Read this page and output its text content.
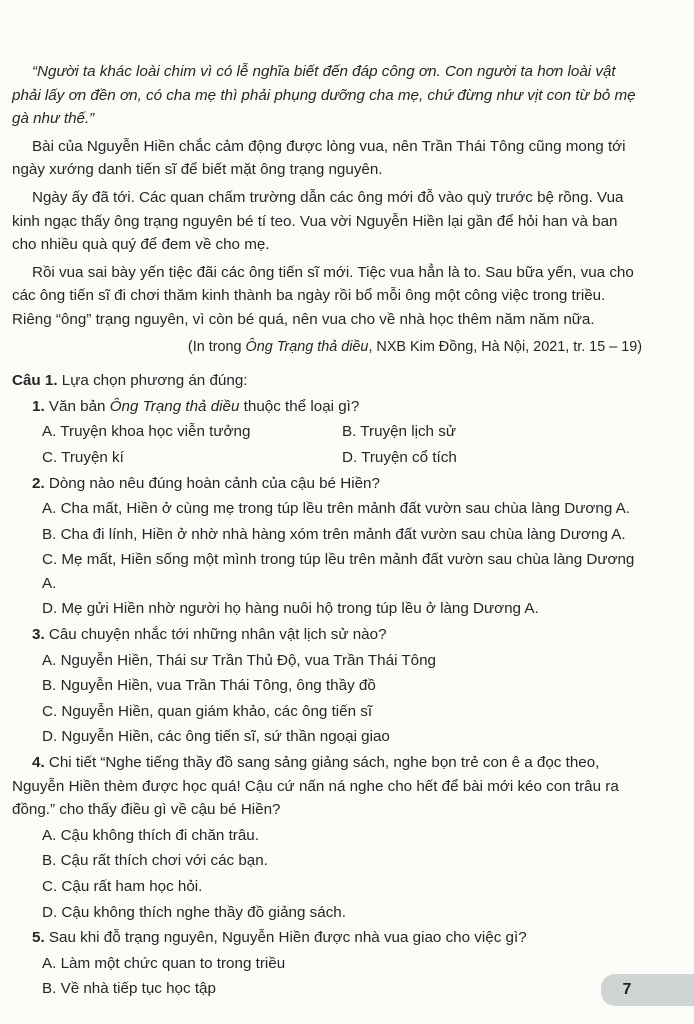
“Người ta khác loài chim vì có lễ nghĩa biết đến đáp công ơn. Con người ta hơn loài vật phải lấy ơn đền ơn, có cha mẹ thì phải phụng dưỡng cha mẹ, chứ đừng như vịt con từ bỏ mẹ gà như thế.”

Bài của Nguyễn Hiền chắc cảm động được lòng vua, nên Trần Thái Tông cũng mong tới ngày xướng danh tiến sĩ để biết mặt ông trạng nguyên.

Ngày ấy đã tới. Các quan chấm trường dẫn các ông mới đỗ vào quỳ trước bệ rồng. Vua kinh ngạc thấy ông trạng nguyên bé tí teo. Vua vời Nguyễn Hiền lại gần để hỏi han và ban cho nhiều quà quý để đem về cho mẹ.

Rồi vua sai bày yến tiệc đãi các ông tiến sĩ mới. Tiệc vua hẳn là to. Sau bữa yến, vua cho các ông tiến sĩ đi chơi thăm kinh thành ba ngày rồi bổ mỗi ông một công việc trong triều. Riêng “ông” trạng nguyên, vì còn bé quá, nên vua cho về nhà học thêm năm năm nữa.

(In trong Ông Trạng thả diều, NXB Kim Đồng, Hà Nội, 2021, tr. 15 – 19)

Câu 1. Lựa chọn phương án đúng:

1. Văn bản Ông Trạng thả diều thuộc thể loại gì?

A. Truyện khoa học viễn tưởng	B. Truyện lịch sử
C. Truyện kí	D. Truyện cổ tích

2. Dòng nào nêu đúng hoàn cảnh của cậu bé Hiền?

A. Cha mất, Hiền ở cùng mẹ trong túp lều trên mảnh đất vườn sau chùa làng Dương A.

B. Cha đi lính, Hiền ở nhờ nhà hàng xóm trên mảnh đất vườn sau chùa làng Dương A.

C. Mẹ mất, Hiền sống một mình trong túp lều trên mảnh đất vườn sau chùa làng Dương A.

D. Mẹ gửi Hiền nhờ người họ hàng nuôi hộ trong túp lều ở làng Dương A.

3. Câu chuyện nhắc tới những nhân vật lịch sử nào?

A. Nguyễn Hiền, Thái sư Trần Thủ Độ, vua Trần Thái Tông

B. Nguyễn Hiền, vua Trần Thái Tông, ông thầy đồ

C. Nguyễn Hiền, quan giám khảo, các ông tiến sĩ

D. Nguyễn Hiền, các ông tiến sĩ, sứ thần ngoại giao

4. Chi tiết “Nghe tiếng thầy đồ sang sảng giảng sách, nghe bọn trẻ con ê a đọc theo, Nguyễn Hiền thèm được học quá! Cậu cứ nấn ná nghe cho hết để bài mới kéo con trâu ra đồng.” cho thấy điều gì về cậu bé Hiền?

A. Cậu không thích đi chăn trâu.

B. Cậu rất thích chơi với các bạn.

C. Cậu rất ham học hỏi.

D. Cậu không thích nghe thầy đồ giảng sách.

5. Sau khi đỗ trạng nguyên, Nguyễn Hiền được nhà vua giao cho việc gì?

A. Làm một chức quan to trong triều

B. Về nhà tiếp tục học tập	7
